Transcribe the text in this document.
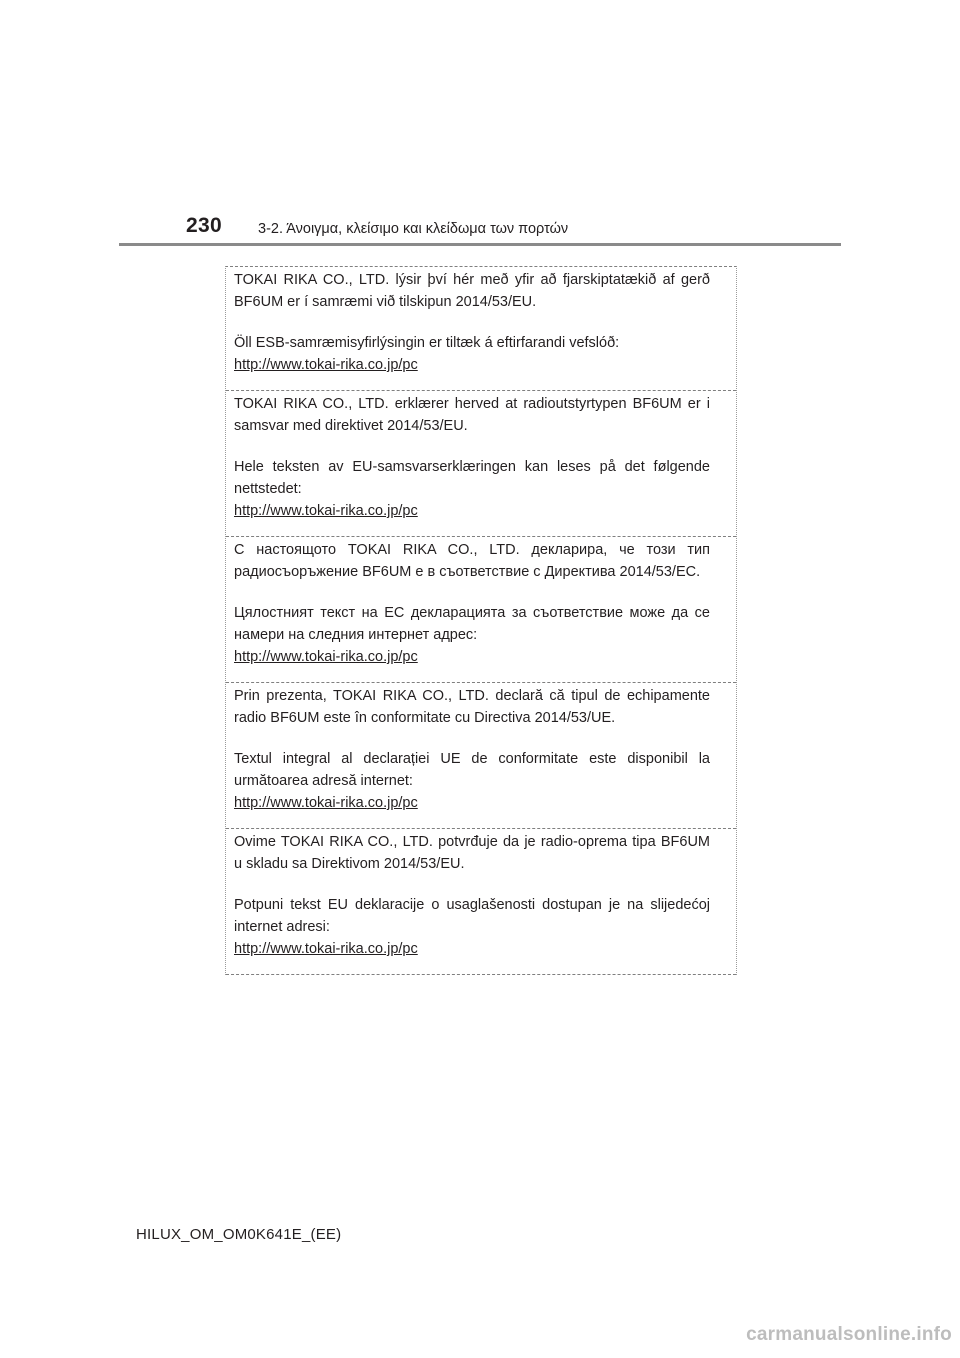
230 3-2. Άνοιγμα, κλείσιμο και κλείδωμα των πορτών

TOKAI RIKA CO., LTD. lýsir því hér með yfir að fjarskiptatækið af gerð BF6UM er í samræmi við tilskipun 2014/53/EU.

Öll ESB-samræmisyfirlýsingin er tiltæk á eftirfarandi vefslóð:
http://www.tokai-rika.co.jp/pc

TOKAI RIKA CO., LTD. erklærer herved at radioutstyrtypen BF6UM er i samsvar med direktivet 2014/53/EU.

Hele teksten av EU-samsvarserklæringen kan leses på det følgende nettstedet:
http://www.tokai-rika.co.jp/pc

С настоящото TOKAI RIKA CO., LTD. декларира, че този тип радиосъоръжение BF6UM е в съответствие с Директива 2014/53/ЕС.

Цялостният текст на ЕС декларацията за съответствие може да се намери на следния интернет адрес:
http://www.tokai-rika.co.jp/pc

Prin prezenta, TOKAI RIKA CO., LTD. declară că tipul de echipamente radio BF6UM este în conformitate cu Directiva 2014/53/UE.

Textul integral al declarației UE de conformitate este disponibil la următoarea adresă internet:
http://www.tokai-rika.co.jp/pc

Ovime TOKAI RIKA CO., LTD. potvrđuje da je radio-oprema tipa BF6UM u skladu sa Direktivom 2014/53/EU.

Potpuni tekst EU deklaracije o usaglašenosti dostupan je na slijedećoj internet adresi:
http://www.tokai-rika.co.jp/pc

HILUX_OM_OM0K641E_(EE)
carmanualsonline.info
